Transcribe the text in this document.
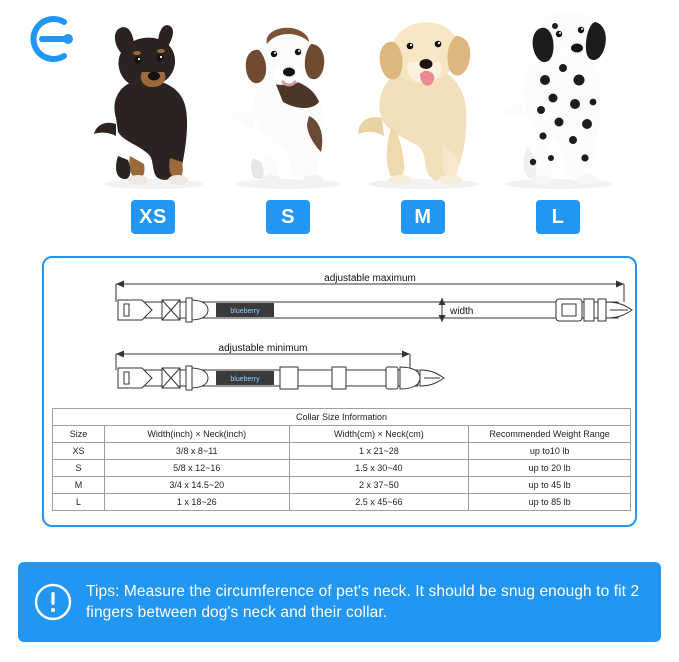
XS	S	M	L
adjustable maximum
blueberry	width
adjustable minimum
blueberry
Collar Size Information			
Size	Width(inch) × Neck(inch)	Width(cm) × Neck(cm)	Recommended Weight Range
XS	3/8 x 8~11	1 x 21~28	up to10 lb
S	5/8 x 12~16	1.5 x 30~40	up to 20 lb
M	3/4 x 14.5~20	2 x 37~50	up to 45 lb
L	1 x 18~26	2.5 x 45~66	up to 85 lb
Tips: Measure the circumference of pet's neck. It should be snug enough to fit 2 fingers between dog's neck and their collar.
